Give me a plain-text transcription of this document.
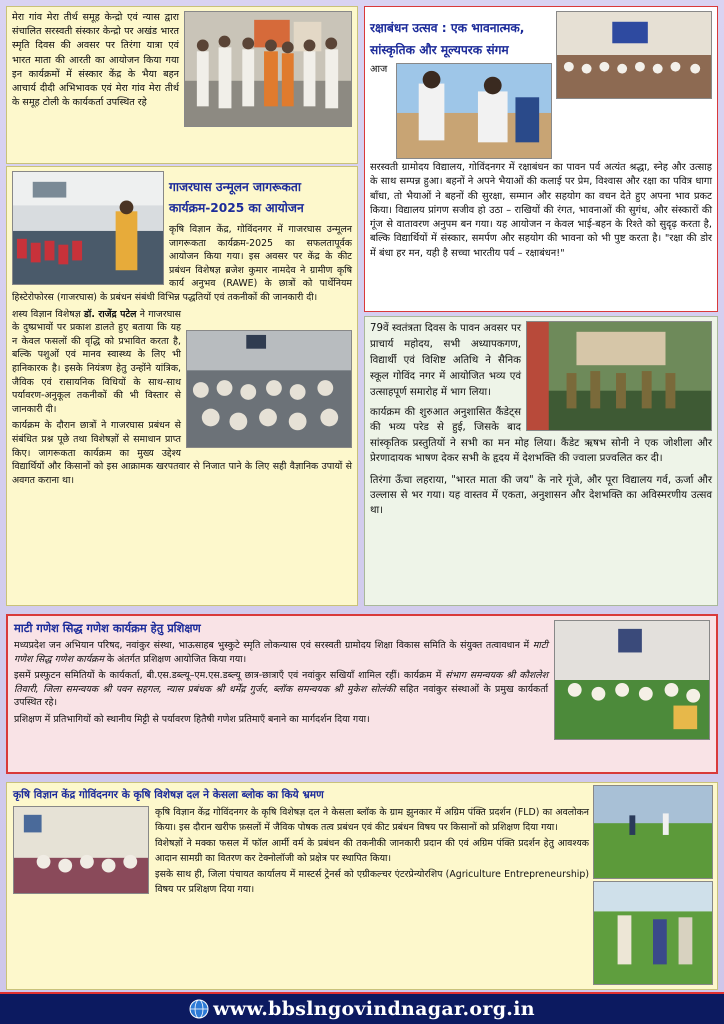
मेरा गांव मेरा तीर्थ समूह केन्द्रो एवं न्यास द्वारा संचालित सरस्वती संस्कार केन्द्रो पर अखंड भारत स्मृति दिवस की अवसर पर तिरंगा यात्रा एवं भारत माता की आरती का आयोजन किया गया इन कार्यक्रमों में संस्कार केंद्र के भैया बहन आचार्य दीदी अभिभावक एवं मेरा गांव मेरा तीर्थ के समूह टोली के कार्यकर्ता उपस्थित रहे
गाजरघास उन्मूलन जागरूकता कार्यक्रम-2025 का आयोजन
कृषि विज्ञान केंद्र, गोविंदनगर में गाजरघास उन्मूलन जागरूकता कार्यक्रम-2025 का सफलतापूर्वक आयोजन किया गया। इस अवसर पर केंद्र के कीट प्रबंधन विशेषज्ञ ब्रजेश कुमार नामदेव ने ग्रामीण कृषि कार्य अनुभव (RAWE) के छात्रों को पार्थेनियम हिस्टेरोफोरस (गाजरघास) के प्रबंधन संबंधी विभिन्न पद्धतियों एवं तकनीकों की जानकारी दी।
शस्य विज्ञान विशेषज्ञ डॉ. राजेंद्र पटेल ने गाजरघास के दुष्प्रभावों पर प्रकाश डालते हुए बताया कि यह न केवल फसलों की वृद्धि को प्रभावित करता है, बल्कि पशुओं एवं मानव स्वास्थ्य के लिए भी हानिकारक है। इसके नियंत्रण हेतु उन्होंने यांत्रिक, जैविक एवं रासायनिक विधियों के साथ-साथ पर्यावरण-अनुकूल तकनीकों की भी विस्तार से जानकारी दी।
कार्यक्रम के दौरान छात्रों ने गाजरघास प्रबंधन से संबंधित प्रश्न पूछे तथा विशेषज्ञों से समाधान प्राप्त किए। जागरूकता कार्यक्रम का मुख्य उद्देश्य विद्यार्थियों और किसानों को इस आक्रामक खरपतवार से निजात पाने के लिए सही वैज्ञानिक उपायों से अवगत कराना था।
रक्षाबंधन उत्सव : एक भावनात्मक, सांस्कृतिक और मूल्यपरक संगम
आज सरस्वती ग्रामोदय विद्यालय, गोविंदनगर में रक्षाबंधन का पावन पर्व अत्यंत श्रद्धा, स्नेह और उत्साह के साथ सम्पन्न हुआ। बहनों ने अपने भैयाओं की कलाई पर प्रेम, विश्वास और रक्षा का पवित्र धागा बाँधा, तो भैयाओं ने बहनों की सुरक्षा, सम्मान और सहयोग का वचन देते हुए अपना भाव प्रकट किया। विद्यालय प्रांगण सजीव हो उठा – राखियों की रंगत, भावनाओं की सुगंध, और संस्कारों की गूंज से वातावरण अनुपम बन गया। यह आयोजन न केवल भाई-बहन के रिश्ते को सुदृढ़ करता है, बल्कि विद्यार्थियों में संस्कार, समर्पण और सहयोग की भावना को भी पुष्ट करता है। "रक्षा की डोर में बंधा हर मन, यही है सच्चा भारतीय पर्व – रक्षाबंधन!"
79वें स्वतंत्रता दिवस के पावन अवसर पर प्राचार्य महोदय, सभी अध्यापकगण, विद्यार्थी एवं विशिष्ट अतिथि ने सैनिक स्कूल गोविंद नगर में आयोजित भव्य एवं उत्साहपूर्ण समारोह में भाग लिया।
कार्यक्रम की शुरुआत अनुशासित कैंडेट्स की भव्य परेड से हुई, जिसके बाद सांस्कृतिक प्रस्तुतियों ने सभी का मन मोह लिया। कैंडेट ऋषभ सोनी ने एक जोशीला और प्रेरणादायक भाषण देकर सभी के हृदय में देशभक्ति की ज्वाला प्रज्वलित कर दी।
तिरंगा ऊँचा लहराया, "भारत माता की जय" के नारे गूंजे, और पूरा विद्यालय गर्व, ऊर्जा और उल्लास से भर गया। यह वास्तव में एकता, अनुशासन और देशभक्ति का अविस्मरणीय उत्सव था।
माटी गणेश सिद्ध गणेश कार्यक्रम हेतु प्रशिक्षण
मध्यप्रदेश जन अभियान परिषद, नवांकुर संस्था, भाऊसाहब भुस्कुटे स्मृति लोकन्यास एवं सरस्वती ग्रामोदय शिक्षा विकास समिति के संयुक्त तत्वावधान में माटी गणेश सिद्ध गणेश कार्यक्रम के अंतर्गत प्रशिक्षण आयोजित किया गया।
इसमें प्रस्फुटन समितियों के कार्यकर्ता, बी.एस.डब्ल्यू–एम.एस.डब्ल्यू छात्र-छात्राएँ एवं नवांकुर सखियाँ शामिल रहीं। कार्यक्रम में संभाग समन्वयक श्री कौशलेश तिवारी, जिला समन्वयक श्री पवन सहगल, न्यास प्रबंधक श्री धर्मेंद्र गुर्जर, ब्लॉक समन्वयक श्री मुकेश सोलंकी सहित नवांकुर संस्थाओं के प्रमुख कार्यकर्ता उपस्थित रहे।
प्रशिक्षण में प्रतिभागियों को स्थानीय मिट्टी से पर्यावरण हितैषी गणेश प्रतिमाएँ बनाने का मार्गदर्शन दिया गया।
कृषि विज्ञान केंद्र गोविंदनगर के कृषि विशेषज्ञ दल ने केसला ब्लोक का किये भ्रमण
कृषि विज्ञान केंद्र गोविंदनगर के कृषि विशेषज्ञ दल ने केसला ब्लॉक के ग्राम झुनकार में अग्रिम पंक्ति प्रदर्शन (FLD) का अवलोकन किया। इस दौरान खरीफ फ़सलों में जैविक पोषक तत्व प्रबंधन एवं कीट प्रबंधन विषय पर किसानों को प्रशिक्षण दिया गया।
विशेषज्ञों ने मक्का फसल में फॉल आर्मी वर्म के प्रबंधन की तकनीकी जानकारी प्रदान की एवं अग्रिम पंक्ति प्रदर्शन हेतु आवश्यक आदान सामग्री का वितरण कर टेक्नोलॉजी को प्रक्षेत्र पर स्थापित किया।
इसके साथ ही, जिला पंचायत कार्यालय में मास्टर्स ट्रेनर्स को एग्रीकल्चर एंटरप्रेन्योरशिप (Agriculture Entrepreneurship) विषय पर प्रशिक्षण दिया गया।
www.bbslngovindnagar.org.in
